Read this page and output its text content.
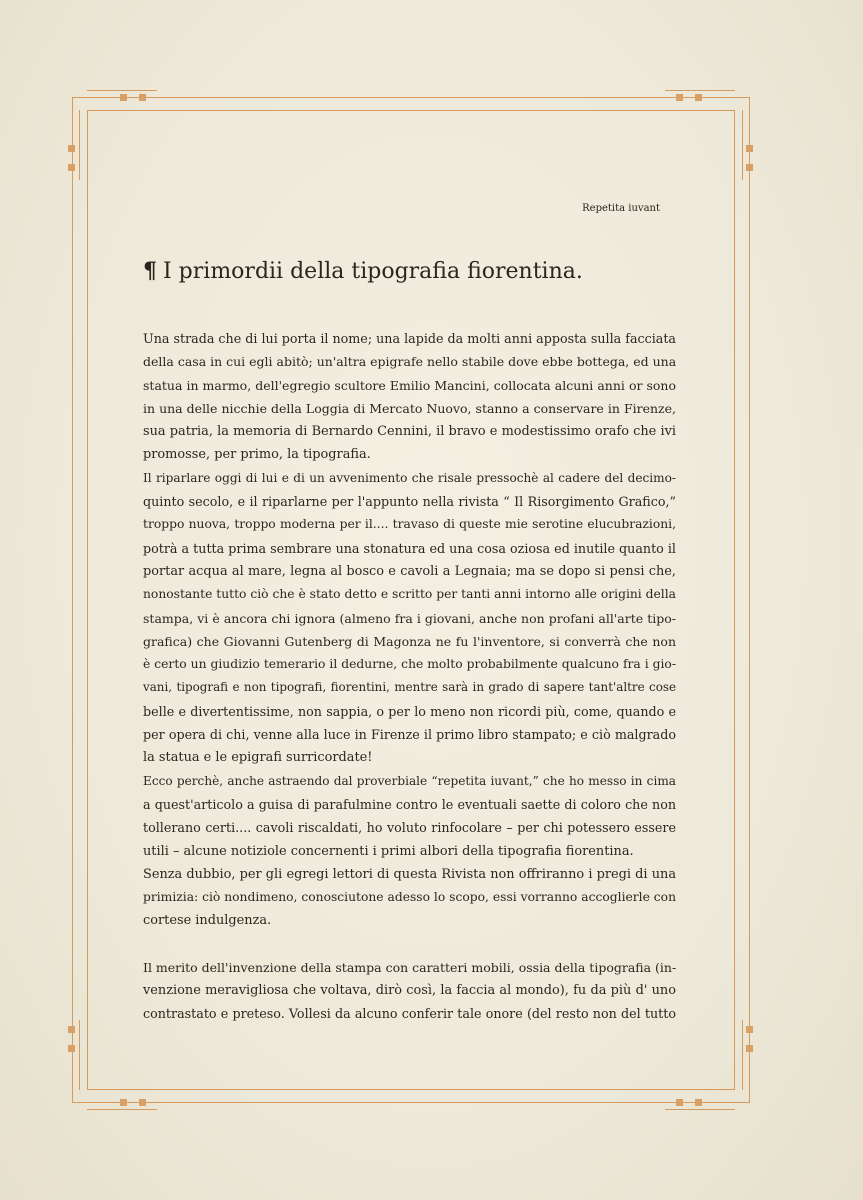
Repetita iuvant
¶ I primordii della tipografia fiorentina.

Una strada che di lui porta il nome; una lapide da molti anni apposta sulla facciata
della casa in cui egli abitò; un'altra epigrafe nello stabile dove ebbe bottega, ed una
statua in marmo, dell'egregio scultore Emilio Mancini, collocata alcuni anni or sono
in una delle nicchie della Loggia di Mercato Nuovo, stanno a conservare in Firenze,
sua patria, la memoria di Bernardo Cennini, il bravo e modestissimo orafo che ivi
promosse, per primo, la tipografia.

Il riparlare oggi di lui e di un avvenimento che risale pressochè al cadere del decimo-
quinto secolo, e il riparlarne per l'appunto nella rivista “ Il Risorgimento Grafico,”
troppo nuova, troppo moderna per il.... travaso di queste mie serotine elucubrazioni,
potrà a tutta prima sembrare una stonatura ed una cosa oziosa ed inutile quanto il
portar acqua al mare, legna al bosco e cavoli a Legnaia; ma se dopo si pensi che,
nonostante tutto ciò che è stato detto e scritto per tanti anni intorno alle origini della
stampa, vi è ancora chi ignora (almeno fra i giovani, anche non profani all'arte tipo-
grafica) che Giovanni Gutenberg di Magonza ne fu l'inventore, si converrà che non
è certo un giudizio temerario il dedurne, che molto probabilmente qualcuno fra i gio-
vani, tipografi e non tipografi, fiorentini, mentre sarà in grado di sapere tant'altre cose
belle e divertentissime, non sappia, o per lo meno non ricordi più, come, quando e
per opera di chi, venne alla luce in Firenze il primo libro stampato; e ciò malgrado
la statua e le epigrafi surricordate!

Ecco perchè, anche astraendo dal proverbiale “repetita iuvant,” che ho messo in cima
a quest'articolo a guisa di parafulmine contro le eventuali saette di coloro che non
tollerano certi.... cavoli riscaldati, ho voluto rinfocolare – per chi potessero essere
utili – alcune notiziole concernenti i primi albori della tipografia fiorentina.

Senza dubbio, per gli egregi lettori di questa Rivista non offriranno i pregi di una
primizia: ciò nondimeno, conosciutone adesso lo scopo, essi vorranno accoglierle con
cortese indulgenza.

Il merito dell'invenzione della stampa con caratteri mobili, ossia della tipografia (in-
venzione meravigliosa che voltava, dirò così, la faccia al mondo), fu da più d' uno
contrastato e preteso. Vollesi da alcuno conferir tale onore (del resto non del tutto
